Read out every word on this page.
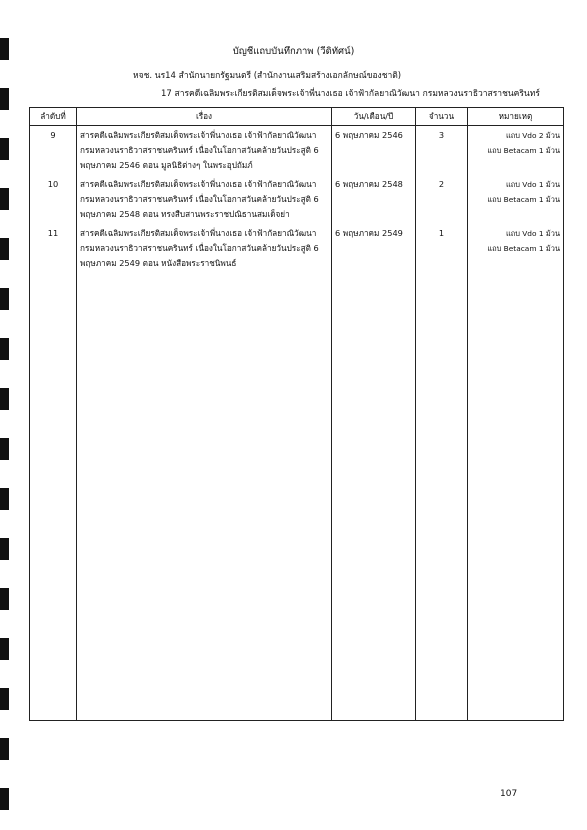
บัญชีแถบบันทึกภาพ (วีดิทัศน์)
หจช. นร14 สำนักนายกรัฐมนตรี (สำนักงานเสริมสร้างเอกลักษณ์ของชาติ)
17 สารคดีเฉลิมพระเกียรติสมเด็จพระเจ้าพี่นางเธอ เจ้าฟ้ากัลยาณิวัฒนา กรมหลวงนราธิวาสราชนครินทร์
ลำดับที่	เรื่อง	วัน/เดือน/ปี	จำนวน	หมายเหตุ
9	สารคดีเฉลิมพระเกียรติสมเด็จพระเจ้าพี่นางเธอ เจ้าฟ้ากัลยาณิวัฒนา กรมหลวงนราธิวาสราชนครินทร์ เนื่องในโอกาสวันคล้ายวันประสูติ 6 พฤษภาคม 2546 ตอน มูลนิธิต่างๆ ในพระอุปถัมภ์	6 พฤษภาคม 2546	3	แถบ Vdo 2 ม้วน
แถบ Betacam 1 ม้วน

10	สารคดีเฉลิมพระเกียรติสมเด็จพระเจ้าพี่นางเธอ เจ้าฟ้ากัลยาณิวัฒนา กรมหลวงนราธิวาสราชนครินทร์ เนื่องในโอกาสวันคล้ายวันประสูติ 6 พฤษภาคม 2548 ตอน ทรงสืบสานพระราชปณิธานสมเด็จย่า	6 พฤษภาคม 2548	2	แถบ Vdo 1 ม้วน
แถบ Betacam 1 ม้วน

11	สารคดีเฉลิมพระเกียรติสมเด็จพระเจ้าพี่นางเธอ เจ้าฟ้ากัลยาณิวัฒนา กรมหลวงนราธิวาสราชนครินทร์ เนื่องในโอกาสวันคล้ายวันประสูติ 6 พฤษภาคม 2549 ตอน หนังสือพระราชนิพนธ์	6 พฤษภาคม 2549	1	แถบ Vdo 1 ม้วน
แถบ Betacam 1 ม้วน

107
